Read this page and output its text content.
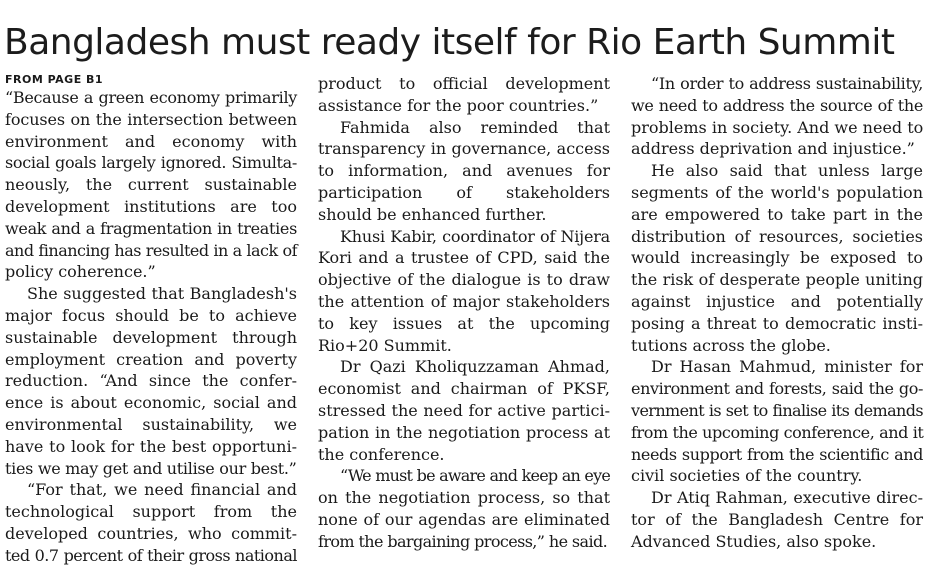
Bangladesh must ready itself for Rio Earth Summit
FROM PAGE B1
“Because a green economy primarily
focuses on the intersection between
environment and economy with
social goals largely ignored. Simulta-
neously, the current sustainable
development institutions are too
weak and a fragmentation in treaties
and financing has resulted in a lack of
policy coherence.”
She suggested that Bangladesh's
major focus should be to achieve
sustainable development through
employment creation and poverty
reduction. “And since the confer-
ence is about economic, social and
environmental sustainability, we
have to look for the best opportuni-
ties we may get and utilise our best.”
“For that, we need financial and
technological support from the
developed countries, who commit-
ted 0.7 percent of their gross national
product to official development
assistance for the poor countries.”
Fahmida also reminded that
transparency in governance, access
to information, and avenues for
participation of stakeholders
should be enhanced further.
Khusi Kabir, coordinator of Nijera
Kori and a trustee of CPD, said the
objective of the dialogue is to draw
the attention of major stakeholders
to key issues at the upcoming
Rio+20 Summit.
Dr Qazi Kholiquzzaman Ahmad,
economist and chairman of PKSF,
stressed the need for active partici-
pation in the negotiation process at
the conference.
“We must be aware and keep an eye
on the negotiation process, so that
none of our agendas are eliminated
from the bargaining process,” he said.
“In order to address sustainability,
we need to address the source of the
problems in society. And we need to
address deprivation and injustice.”
He also said that unless large
segments of the world's population
are empowered to take part in the
distribution of resources, societies
would increasingly be exposed to
the risk of desperate people uniting
against injustice and potentially
posing a threat to democratic insti-
tutions across the globe.
Dr Hasan Mahmud, minister for
environment and forests, said the go-
vernment is set to finalise its demands
from the upcoming conference, and it
needs support from the scientific and
civil societies of the country.
Dr Atiq Rahman, executive direc-
tor of the Bangladesh Centre for
Advanced Studies, also spoke.
